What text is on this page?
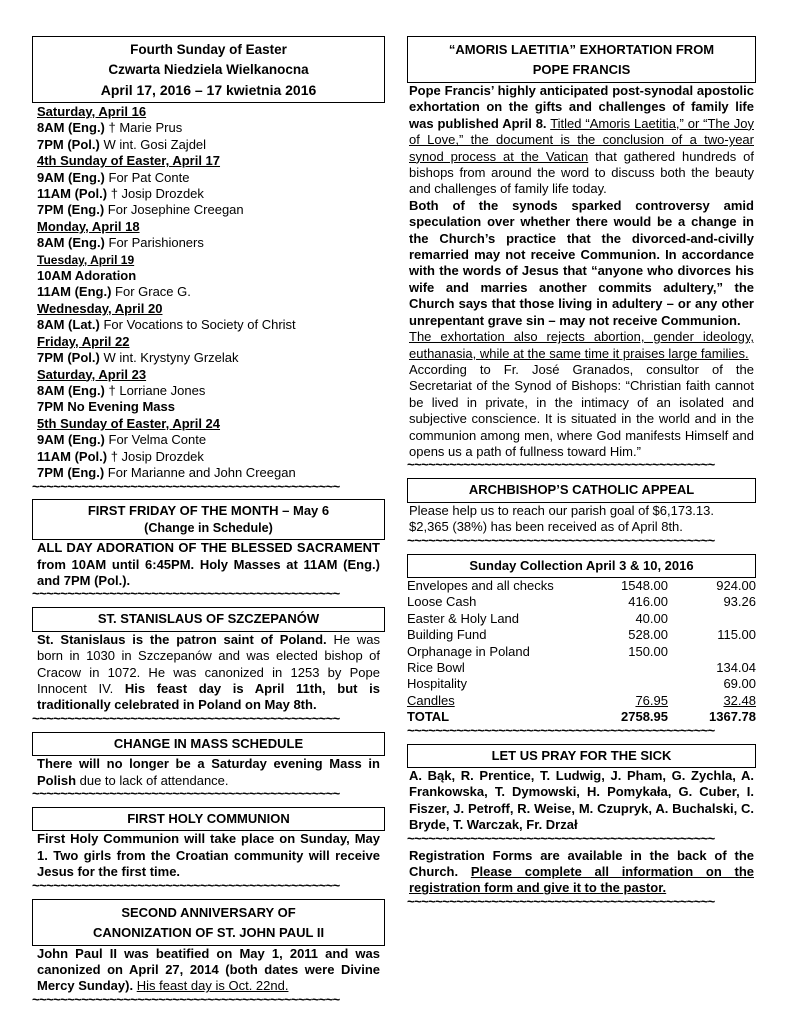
Fourth Sunday of Easter
Czwarta Niedziela Wielkanocna
April 17, 2016 – 17 kwietnia 2016
Saturday, April 16
8AM (Eng.) † Marie Prus
7PM (Pol.) W int. Gosi Zajdel
4th Sunday of Easter, April 17
9AM (Eng.) For Pat Conte
11AM (Pol.) † Josip Drozdek
7PM (Eng.) For Josephine Creegan
Monday, April 18
8AM (Eng.) For Parishioners
Tuesday, April 19
10AM Adoration
11AM (Eng.) For Grace G.
Wednesday, April 20
8AM (Lat.) For Vocations to Society of Christ
Friday, April 22
7PM (Pol.) W int. Krystyny Grzelak
Saturday, April 23
8AM (Eng.) † Lorriane Jones
7PM No Evening Mass
5th Sunday of Easter, April 24
9AM (Eng.) For Velma Conte
11AM (Pol.) † Josip Drozdek
7PM (Eng.) For Marianne and John Creegan
~~~~~~~~~~~~~~~~~~~~~~~~~~~~~~~~~~~~~~~~~~~~
FIRST FRIDAY OF THE MONTH – May 6
(Change in Schedule)
ALL DAY ADORATION OF THE BLESSED SACRAMENT from 10AM until 6:45PM. Holy Masses at 11AM (Eng.) and 7PM (Pol.).
~~~~~~~~~~~~~~~~~~~~~~~~~~~~~~~~~~~~~~~~~~~~
ST. STANISLAUS OF SZCZEPANÓW
St. Stanislaus is the patron saint of Poland. He was born in 1030 in Szczepanów and was elected bishop of Cracow in 1072. He was canonized in 1253 by Pope Innocent IV. His feast day is April 11th, but is traditionally celebrated in Poland on May 8th.
~~~~~~~~~~~~~~~~~~~~~~~~~~~~~~~~~~~~~~~~~~~~
CHANGE IN MASS SCHEDULE
There will no longer be a Saturday evening Mass in Polish due to lack of attendance.
~~~~~~~~~~~~~~~~~~~~~~~~~~~~~~~~~~~~~~~~~~~~
FIRST HOLY COMMUNION
First Holy Communion will take place on Sunday, May 1. Two girls from the Croatian community will receive Jesus for the first time.
~~~~~~~~~~~~~~~~~~~~~~~~~~~~~~~~~~~~~~~~~~~~
SECOND ANNIVERSARY OF
CANONIZATION OF ST. JOHN PAUL II
John Paul II was beatified on May 1, 2011 and was canonized on April 27, 2014 (both dates were Divine Mercy Sunday). His feast day is Oct. 22nd.
~~~~~~~~~~~~~~~~~~~~~~~~~~~~~~~~~~~~~~~~~~~~
“AMORIS LAETITIA” EXHORTATION FROM
POPE FRANCIS
Pope Francis’ highly anticipated post-synodal apostolic exhortation on the gifts and challenges of family life was published April 8. Titled “Amoris Laetitia,” or “The Joy of Love,” the document is the conclusion of a two-year synod process at the Vatican that gathered hundreds of bishops from around the word to discuss both the beauty and challenges of family life today.
Both of the synods sparked controversy amid speculation over whether there would be a change in the Church’s practice that the divorced-and-civilly remarried may not receive Communion. In accordance with the words of Jesus that “anyone who divorces his wife and marries another commits adultery,” the Church says that those living in adultery – or any other unrepentant grave sin – may not receive Communion.
The exhortation also rejects abortion, gender ideology, euthanasia, while at the same time it praises large families.
According to Fr. José Granados, consultor of the Secretariat of the Synod of Bishops: “Christian faith cannot be lived in private, in the intimacy of an isolated and subjective conscience. It is situated in the world and in the communion among men, where God manifests Himself and opens us a path of fullness toward Him.”
~~~~~~~~~~~~~~~~~~~~~~~~~~~~~~~~~~~~~~~~~~~~
ARCHBISHOP’S CATHOLIC APPEAL
Please help us to reach our parish goal of $6,173.13. $2,365 (38%) has been received as of April 8th.
~~~~~~~~~~~~~~~~~~~~~~~~~~~~~~~~~~~~~~~~~~~~
Sunday Collection April 3 & 10, 2016
Envelopes and all checks	1548.00	924.00
Loose Cash	416.00	93.26
Easter & Holy Land	40.00	
Building Fund	528.00	115.00
Orphanage in Poland	150.00	
Rice Bowl		134.04
Hospitality		69.00
Candles	76.95	32.48
TOTAL	2758.95	1367.78
~~~~~~~~~~~~~~~~~~~~~~~~~~~~~~~~~~~~~~~~~~~~
LET US PRAY FOR THE SICK
A. Bąk, R. Prentice, T. Ludwig, J. Pham, G. Zychla, A. Frankowska, T. Dymowski, H. Pomykała, G. Cuber, I. Fiszer, J. Petroff, R. Weise, M. Czupryk, A. Buchalski, C. Bryde, T. Warczak, Fr. Drzał
~~~~~~~~~~~~~~~~~~~~~~~~~~~~~~~~~~~~~~~~~~~~
Registration Forms are available in the back of the Church. Please complete all information on the registration form and give it to the pastor.
~~~~~~~~~~~~~~~~~~~~~~~~~~~~~~~~~~~~~~~~~~~~
